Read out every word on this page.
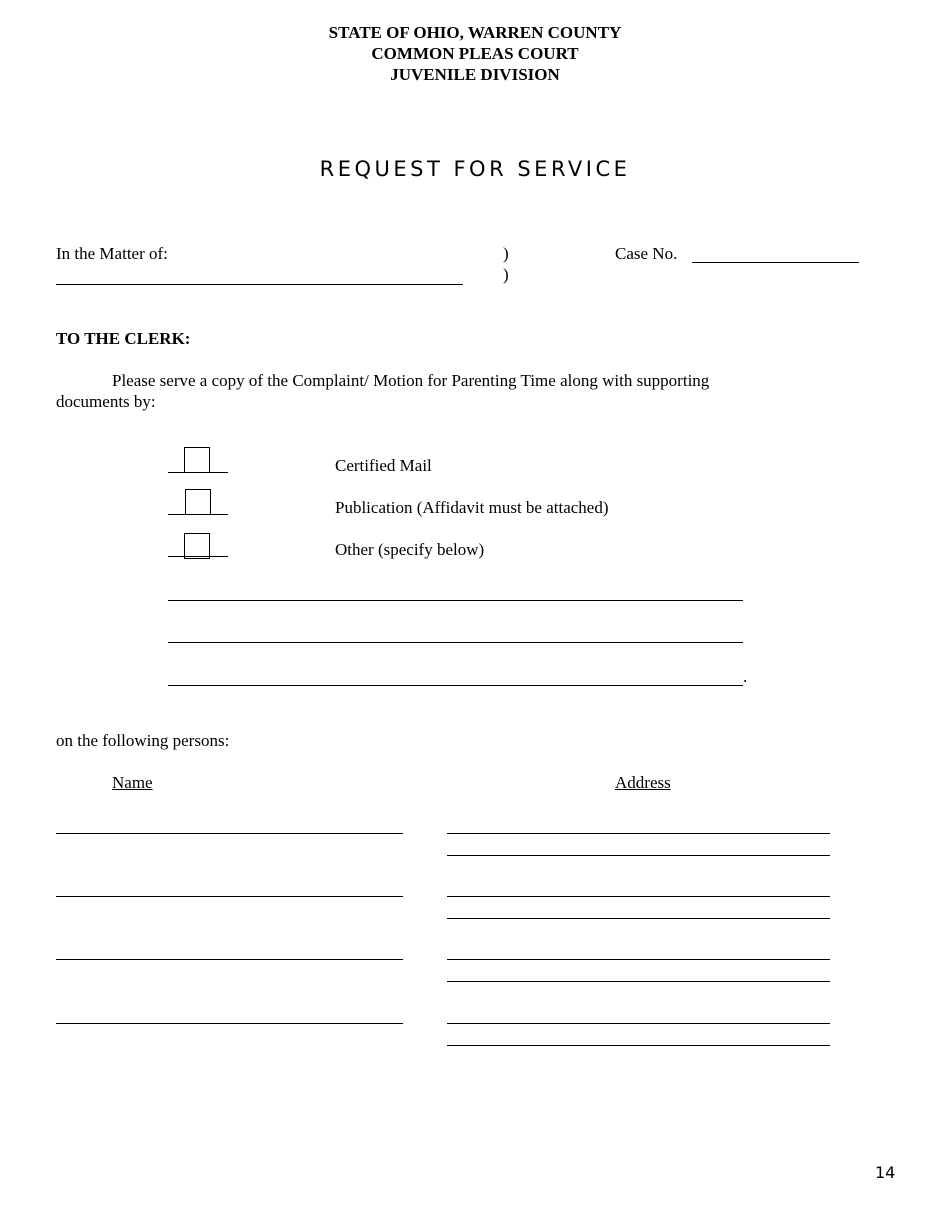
STATE OF OHIO, WARREN COUNTY
COMMON PLEAS COURT
JUVENILE DIVISION
REQUEST FOR SERVICE
In the Matter of:	)
)
Case No.
TO THE CLERK:
Please serve a copy of the Complaint/ Motion for Parenting Time along with supporting
documents by:
Certified Mail
Publication (Affidavit must be attached)
Other (specify below)
.
on the following persons:
Name	Address
14
